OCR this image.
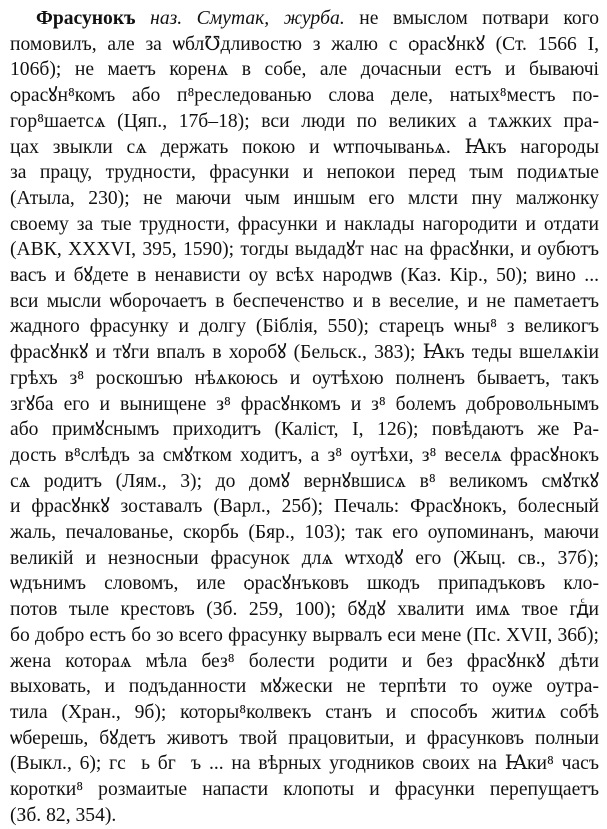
Фрасунокъ наз. Смутак, журба. не вмыслом потвари кого
помовилъ, але за ѡбл℧дливостю з жалю с ѻрасꙋнкꙋ (Ст. 1566 І,
106б); не маетъ коренѧ в собе, але дочасныи естъ и бываючі
ѻрасꙋн⁸комъ або п⁸реследованью слова деле, натых⁸местъ по-
гор⁸шаетсѧ (Цяп., 17б–18); вси люди по великих а тѧжких пра-
цах звыкли сѧ держать покою и ѡтпочываньѧ. Ꙗкъ нагороды
за працу, трудности, фрасунки и непокои перед тым подиѧтые
(Атыла, 230); не маючи чым иншым его млсти пну малжонку
своему за тые трудности, фрасунки и наклады нагородити и отдати
(АВК, XXXVI, 395, 1590); тогды выдадꙋт нас на фрасꙋнки, и оубютъ
васъ и бꙋдете в ненависти оу всѣх народѡв (Каз. Кір., 50); вино ...
вси мысли ѡборочаетъ в беспеченство и в веселие, и не паметаетъ
жадного фрасунку и долгу (Біблія, 550); старецъ ѡны⁸ з великогъ
фрасꙋнкꙋ и тꙋги впалъ в хоробꙋ (Бельск., 383); Ꙗкъ теды вшелѧкіи
грѣхъ з⁸ роскошъю нѣѧкоюсь и оутѣхою полненъ бываетъ, такъ
згꙋба его и вынищене з⁸ фрасꙋнкомъ и з⁸ болемъ добровольнымъ
або примꙋснымъ приходитъ (Каліст, І, 126); повѣдаютъ же Ра-
дость в⁸слѣдъ за смꙋтком ходитъ, а з⁸ оутѣхи, з⁸ веселѧ фрасꙋнокъ
сѧ родитъ (Лям., 3); до домꙋ вернꙋвшисѧ в⁸ великомъ смꙋткꙋ
и фрасꙋнкꙋ зоставалъ (Варл., 25б); Печаль: Фрасꙋнокъ, болесный
жаль, печалованье, скорбь (Бяр., 103); так его оупоминанъ, маючи
великій и незносныи фрасунок длѧ ѡтходꙋ его (Жыц. св., 37б);
ѡдънимъ словомъ, иле ѻрасꙋнъковъ шкодъ припадъковъ кло-
потов тыле крестовъ (Зб. 259, 100); бꙋдꙋ хвалити имѧ твое гдⷭи
бо добро естъ бо зо всего фрасунку вырвалъ еси мене (Пс. XVII, 36б);
жена котораѧ мѣла без⁸ болести родити и без фрасꙋнкꙋ дѣти
выховать, и подъданности мꙋжески не терпѣти то оуже оутра-
тила (Хран., 9б); которы⁸колвекъ станъ и способъ житиѧ собѣ
ѡберешь, бꙋдетъ животъ твой працовитыи, и фрасунковъ полныи
(Выкл., 6); гсⷭь бгⷭъ ... на вѣрных угодников своих на Ꙗки⁸ часъ
коротки⁸ розмаитые напасти клопоты и фрасунки перепущаетъ
(Зб. 82, 354).
